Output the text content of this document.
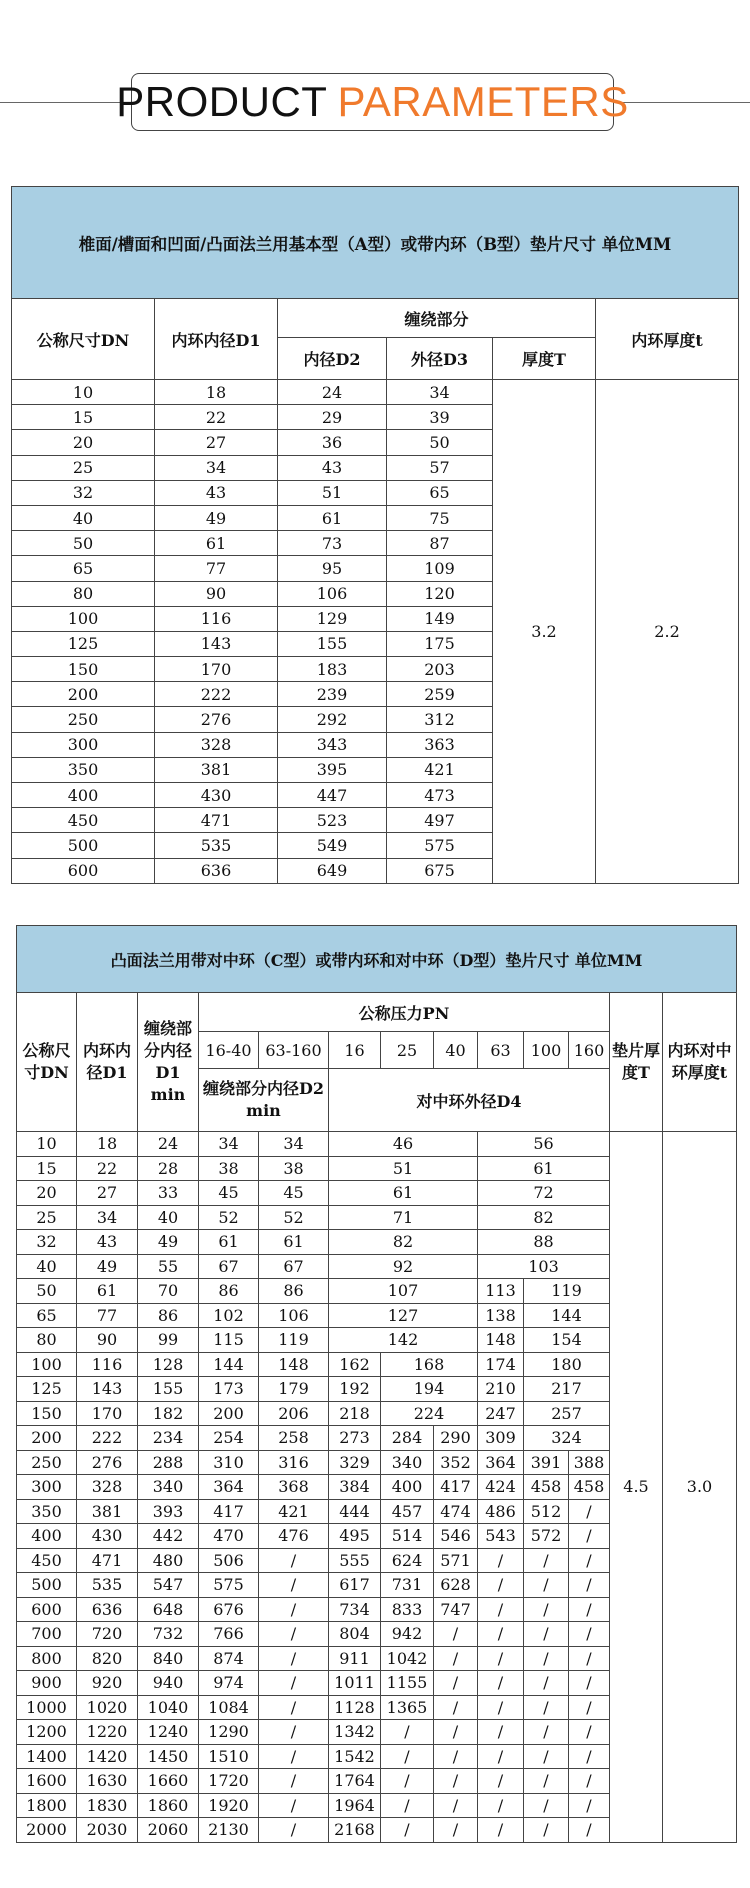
PRODUCT PARAMETERS
椎面/槽面和凹面/凸面法兰用基本型（A型）或带内环（B型）垫片尺寸 单位MM					
公称尺寸DN	内环内径D1	缠绕部分			内环厚度t
		内径D2	外径D3	厚度T	
10	18	24	34	3.2	2.2
15	22	29	39		
20	27	36	50		
25	34	43	57		
32	43	51	65		
40	49	61	75		
50	61	73	87		
65	77	95	109		
80	90	106	120		
100	116	129	149		
125	143	155	175		
150	170	183	203		
200	222	239	259		
250	276	292	312		
300	328	343	363		
350	381	395	421		
400	430	447	473		
450	471	523	497		
500	535	549	575		
600	636	649	675		
凸面法兰用带对中环（C型）或带内环和对中环（D型）垫片尺寸 单位MM												
公称尺寸DN	内环内径D1	缠绕部分内径D1 min	公称压力PN								垫片厚度T	内环对中环厚度t
			16-40	63-160	16	25	40	63	100	160		
			缠绕部分内径D2 min		对中环外径D4							
10	18	24	34	34	46			56			4.5	3.0
15	22	28	38	38	51			61				
20	27	33	45	45	61			72				
25	34	40	52	52	71			82				
32	43	49	61	61	82			88				
40	49	55	67	67	92			103				
50	61	70	86	86	107			113	119			
65	77	86	102	106	127			138	144			
80	90	99	115	119	142			148	154			
100	116	128	144	148	162	168		174	180			
125	143	155	173	179	192	194		210	217			
150	170	182	200	206	218	224		247	257			
200	222	234	254	258	273	284	290	309	324			
250	276	288	310	316	329	340	352	364	391	388		
300	328	340	364	368	384	400	417	424	458	458		
350	381	393	417	421	444	457	474	486	512	/		
400	430	442	470	476	495	514	546	543	572	/		
450	471	480	506	/	555	624	571	/	/	/		
500	535	547	575	/	617	731	628	/	/	/		
600	636	648	676	/	734	833	747	/	/	/		
700	720	732	766	/	804	942	/	/	/	/		
800	820	840	874	/	911	1042	/	/	/	/		
900	920	940	974	/	1011	1155	/	/	/	/		
1000	1020	1040	1084	/	1128	1365	/	/	/	/		
1200	1220	1240	1290	/	1342	/	/	/	/	/		
1400	1420	1450	1510	/	1542	/	/	/	/	/		
1600	1630	1660	1720	/	1764	/	/	/	/	/		
1800	1830	1860	1920	/	1964	/	/	/	/	/		
2000	2030	2060	2130	/	2168	/	/	/	/	/		
